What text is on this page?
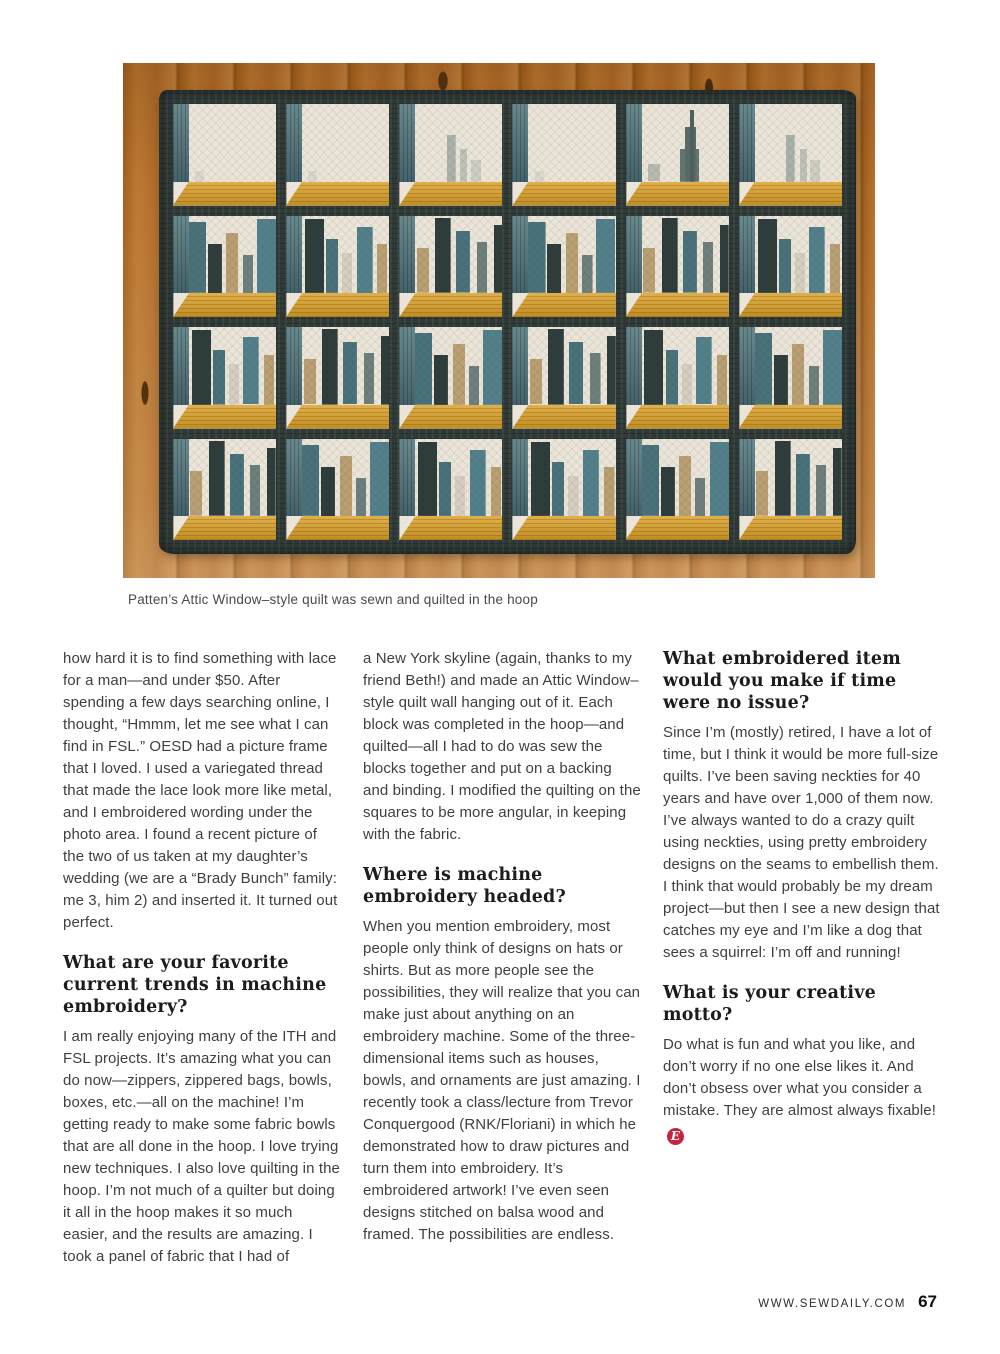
Patten’s Attic Window–style quilt was sewn and quilted in the hoop

how hard it is to find something with lace for a man—and under $50. After spending a few days searching online, I thought, “Hmmm, let me see what I can find in FSL.” OESD had a picture frame that I loved. I used a variegated thread that made the lace look more like metal, and I embroidered wording under the photo area. I found a recent picture of the two of us taken at my daughter’s wedding (we are a “Brady Bunch” family: me 3, him 2) and inserted it. It turned out perfect.

What are your favorite current trends in machine embroidery?

I am really enjoying many of the ITH and FSL projects. It’s amazing what you can do now—zippers, zippered bags, bowls, boxes, etc.—all on the machine! I’m getting ready to make some fabric bowls that are all done in the hoop. I love trying new techniques. I also love quilting in the hoop. I’m not much of a quilter but doing it all in the hoop makes it so much easier, and the results are amazing. I took a panel of fabric that I had of

a New York skyline (again, thanks to my friend Beth!) and made an Attic Window–style quilt wall hanging out of it. Each block was completed in the hoop—and quilted—all I had to do was sew the blocks together and put on a backing and binding. I modified the quilting on the squares to be more angular, in keeping with the fabric.

Where is machine embroidery headed?

When you mention embroidery, most people only think of designs on hats or shirts. But as more people see the possibilities, they will realize that you can make just about anything on an embroidery machine. Some of the three-dimensional items such as houses, bowls, and ornaments are just amazing. I recently took a class/lecture from Trevor Conquergood (RNK/Floriani) in which he demonstrated how to draw pictures and turn them into embroidery. It’s embroidered artwork! I’ve even seen designs stitched on balsa wood and framed. The possibilities are endless.

What embroidered item would you make if time were no issue?

Since I’m (mostly) retired, I have a lot of time, but I think it would be more full-size quilts. I’ve been saving neckties for 40 years and have over 1,000 of them now. I’ve always wanted to do a crazy quilt using neckties, using pretty embroidery designs on the seams to embellish them. I think that would probably be my dream project—but then I see a new design that catches my eye and I’m like a dog that sees a squirrel: I’m off and running!

What is your creative motto?

Do what is fun and what you like, and don’t worry if no one else likes it. And don’t obsess over what you consider a mistake. They are almost always fixable!E

WWW.SEWDAILY.COM 67
